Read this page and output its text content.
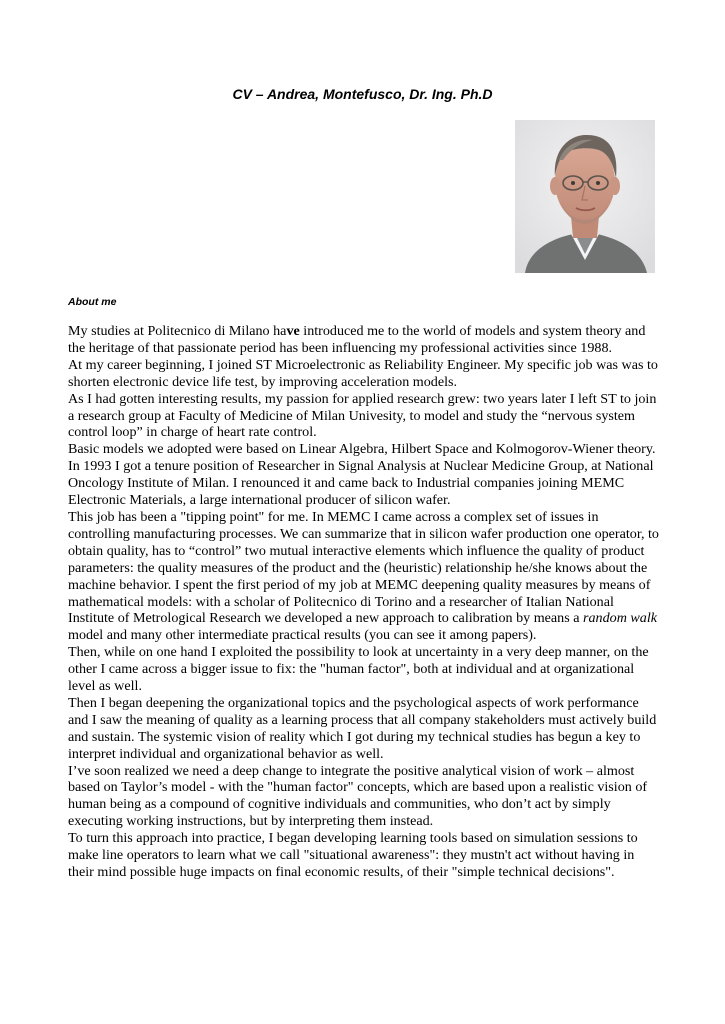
CV – Andrea, Montefusco, Dr. Ing. Ph.D
About me

My studies at Politecnico di Milano have introduced me to the world of models and system theory and the heritage of that passionate period has been influencing my professional activities since 1988.

At my career beginning, I joined ST Microelectronic as Reliability Engineer. My specific job was was to shorten electronic device life test, by improving acceleration models.

As I had gotten interesting results, my passion for applied research grew: two years later I left ST to join a research group at Faculty of Medicine of Milan Univesity, to model and study the “nervous system control loop” in charge of heart rate control.

Basic models we adopted were based on Linear Algebra, Hilbert Space and Kolmogorov-Wiener theory.

In 1993 I got a tenure position of Researcher in Signal Analysis at Nuclear Medicine Group, at National Oncology Institute of Milan. I renounced it and came back to Industrial companies joining MEMC Electronic Materials, a large international producer of silicon wafer.

This job has been a "tipping point" for me. In MEMC I came across a complex set of issues in controlling manufacturing processes. We can summarize that in silicon wafer production one operator, to obtain quality, has to “control” two mutual interactive elements which influence the quality of product parameters: the quality measures of the product and the (heuristic) relationship he/she knows about the machine behavior. I spent the first period of my job at MEMC deepening quality measures by means of mathematical models: with a scholar of Politecnico di Torino and a researcher of Italian National Institute of Metrological Research we developed a new approach to calibration by means a random walk model and many other intermediate practical results (you can see it among papers).

Then, while on one hand I exploited the possibility to look at uncertainty in a very deep manner, on the other I came across a bigger issue to fix: the "human factor", both at individual and at organizational level as well.

Then I began deepening the organizational topics and the psychological aspects of work performance and I saw the meaning of quality as a learning process that all company stakeholders must actively build and sustain. The systemic vision of reality which I got during my technical studies has begun a key to interpret individual and organizational behavior as well.

I’ve soon realized we need a deep change to integrate the positive analytical vision of work – almost based on Taylor’s model - with the "human factor" concepts, which are based upon a realistic vision of human being as a compound of cognitive individuals and communities, who don’t act by simply executing working instructions, but by interpreting them instead.

To turn this approach into practice, I began developing learning tools based on simulation sessions to make line operators to learn what we call "situational awareness": they mustn't act without having in their mind possible huge impacts on final economic results, of their "simple technical decisions".
